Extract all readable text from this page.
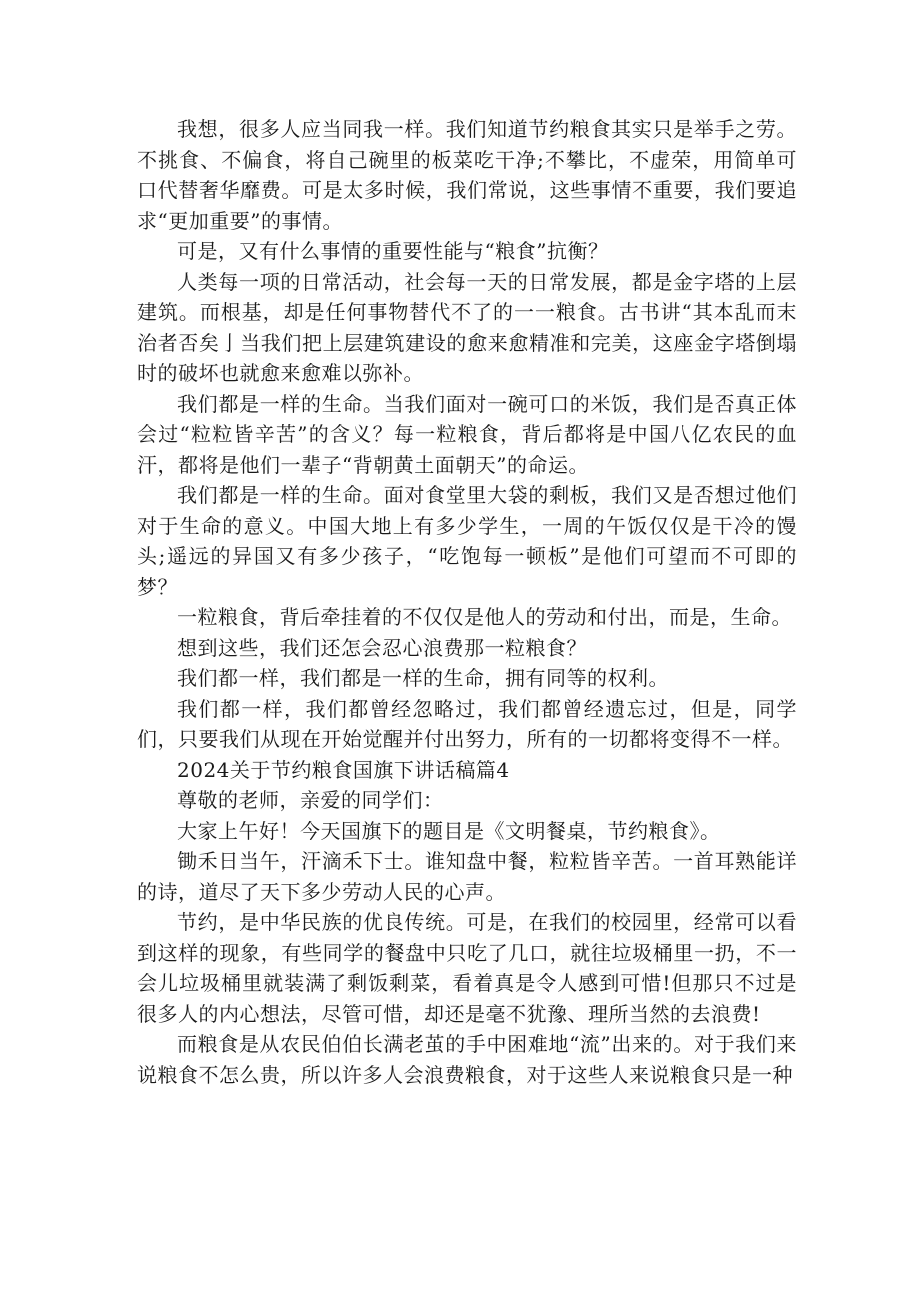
我想，很多人应当同我一样。我们知道节约粮食其实只是举手之劳。不挑食、不偏食，将自己碗里的板菜吃干净;不攀比，不虚荣，用简单可口代替奢华靡费。可是太多时候，我们常说，这些事情不重要，我们要追求“更加重要”的事情。

可是，又有什么事情的重要性能与“粮食”抗衡？

人类每一项的日常活动，社会每一天的日常发展，都是金字塔的上层建筑。而根基，却是任何事物替代不了的一一粮食。古书讲“其本乱而末治者否矣亅当我们把上层建筑建设的愈来愈精准和完美，这座金字塔倒塌时的破坏也就愈来愈难以弥补。

我们都是一样的生命。当我们面对一碗可口的米饭，我们是否真正体会过“粒粒皆辛苦”的含义？每一粒粮食，背后都将是中国八亿农民的血汗，都将是他们一辈子“背朝黄土面朝天”的命运。

我们都是一样的生命。面对食堂里大袋的剩板，我们又是否想过他们对于生命的意义。中国大地上有多少学生，一周的午饭仅仅是干冷的馒头;遥远的异国又有多少孩子，“吃饱每一顿板”是他们可望而不可即的梦？

一粒粮食，背后牵挂着的不仅仅是他人的劳动和付出，而是，生命。

想到这些，我们还怎会忍心浪费那一粒粮食？

我们都一样，我们都是一样的生命，拥有同等的权利。

我们都一样，我们都曾经忽略过，我们都曾经遗忘过，但是，同学们，只要我们从现在开始觉醒并付出努力，所有的一切都将变得不一样。

2024关于节约粮食国旗下讲话稿篇4

尊敬的老师，亲爱的同学们：

大家上午好！今天国旗下的题目是《文明餐桌，节约粮食》。

锄禾日当午，汗滴禾下士。谁知盘中餐，粒粒皆辛苦。一首耳熟能详的诗，道尽了天下多少劳动人民的心声。

节约，是中华民族的优良传统。可是，在我们的校园里，经常可以看到这样的现象，有些同学的餐盘中只吃了几口，就往垃圾桶里一扔，不一会儿垃圾桶里就装满了剩饭剩菜，看着真是令人感到可惜!但那只不过是很多人的内心想法，尽管可惜，却还是毫不犹豫、理所当然的去浪费!

而粮食是从农民伯伯长满老茧的手中困难地“流”出来的。对于我们来说粮食不怎么贵，所以许多人会浪费粮食，对于这些人来说粮食只是一种
